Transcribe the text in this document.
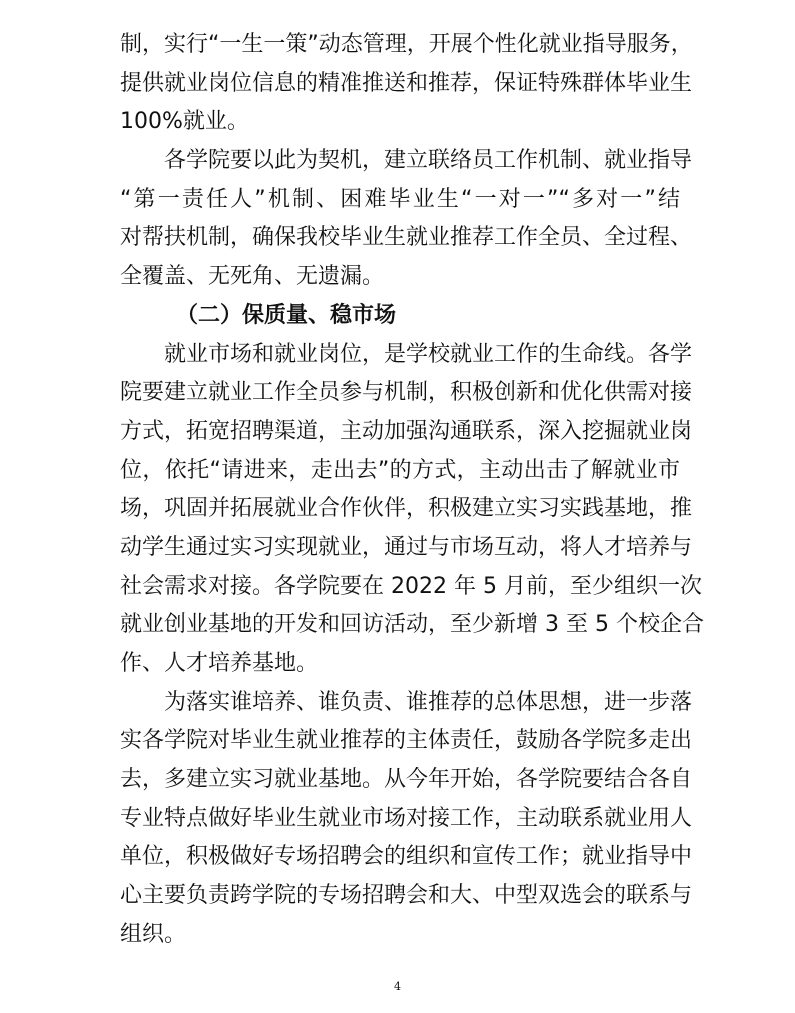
制，实行“一生一策”动态管理，开展个性化就业指导服务，
提供就业岗位信息的精准推送和推荐，保证特殊群体毕业生
100%就业。
　　各学院要以此为契机，建立联络员工作机制、就业指导
“第一责任人”机制、困难毕业生“一对一”“多对一”结
对帮扶机制，确保我校毕业生就业推荐工作全员、全过程、
全覆盖、无死角、无遗漏。
（二）保质量、稳市场
　　就业市场和就业岗位，是学校就业工作的生命线。各学
院要建立就业工作全员参与机制，积极创新和优化供需对接
方式，拓宽招聘渠道，主动加强沟通联系，深入挖掘就业岗
位，依托“请进来，走出去”的方式，主动出击了解就业市
场，巩固并拓展就业合作伙伴，积极建立实习实践基地，推
动学生通过实习实现就业，通过与市场互动，将人才培养与
社会需求对接。各学院要在 2022 年 5 月前，至少组织一次
就业创业基地的开发和回访活动，至少新增 3 至 5 个校企合
作、人才培养基地。
　　为落实谁培养、谁负责、谁推荐的总体思想，进一步落
实各学院对毕业生就业推荐的主体责任，鼓励各学院多走出
去，多建立实习就业基地。从今年开始，各学院要结合各自
专业特点做好毕业生就业市场对接工作，主动联系就业用人
单位，积极做好专场招聘会的组织和宣传工作；就业指导中
心主要负责跨学院的专场招聘会和大、中型双选会的联系与
组织。
4
